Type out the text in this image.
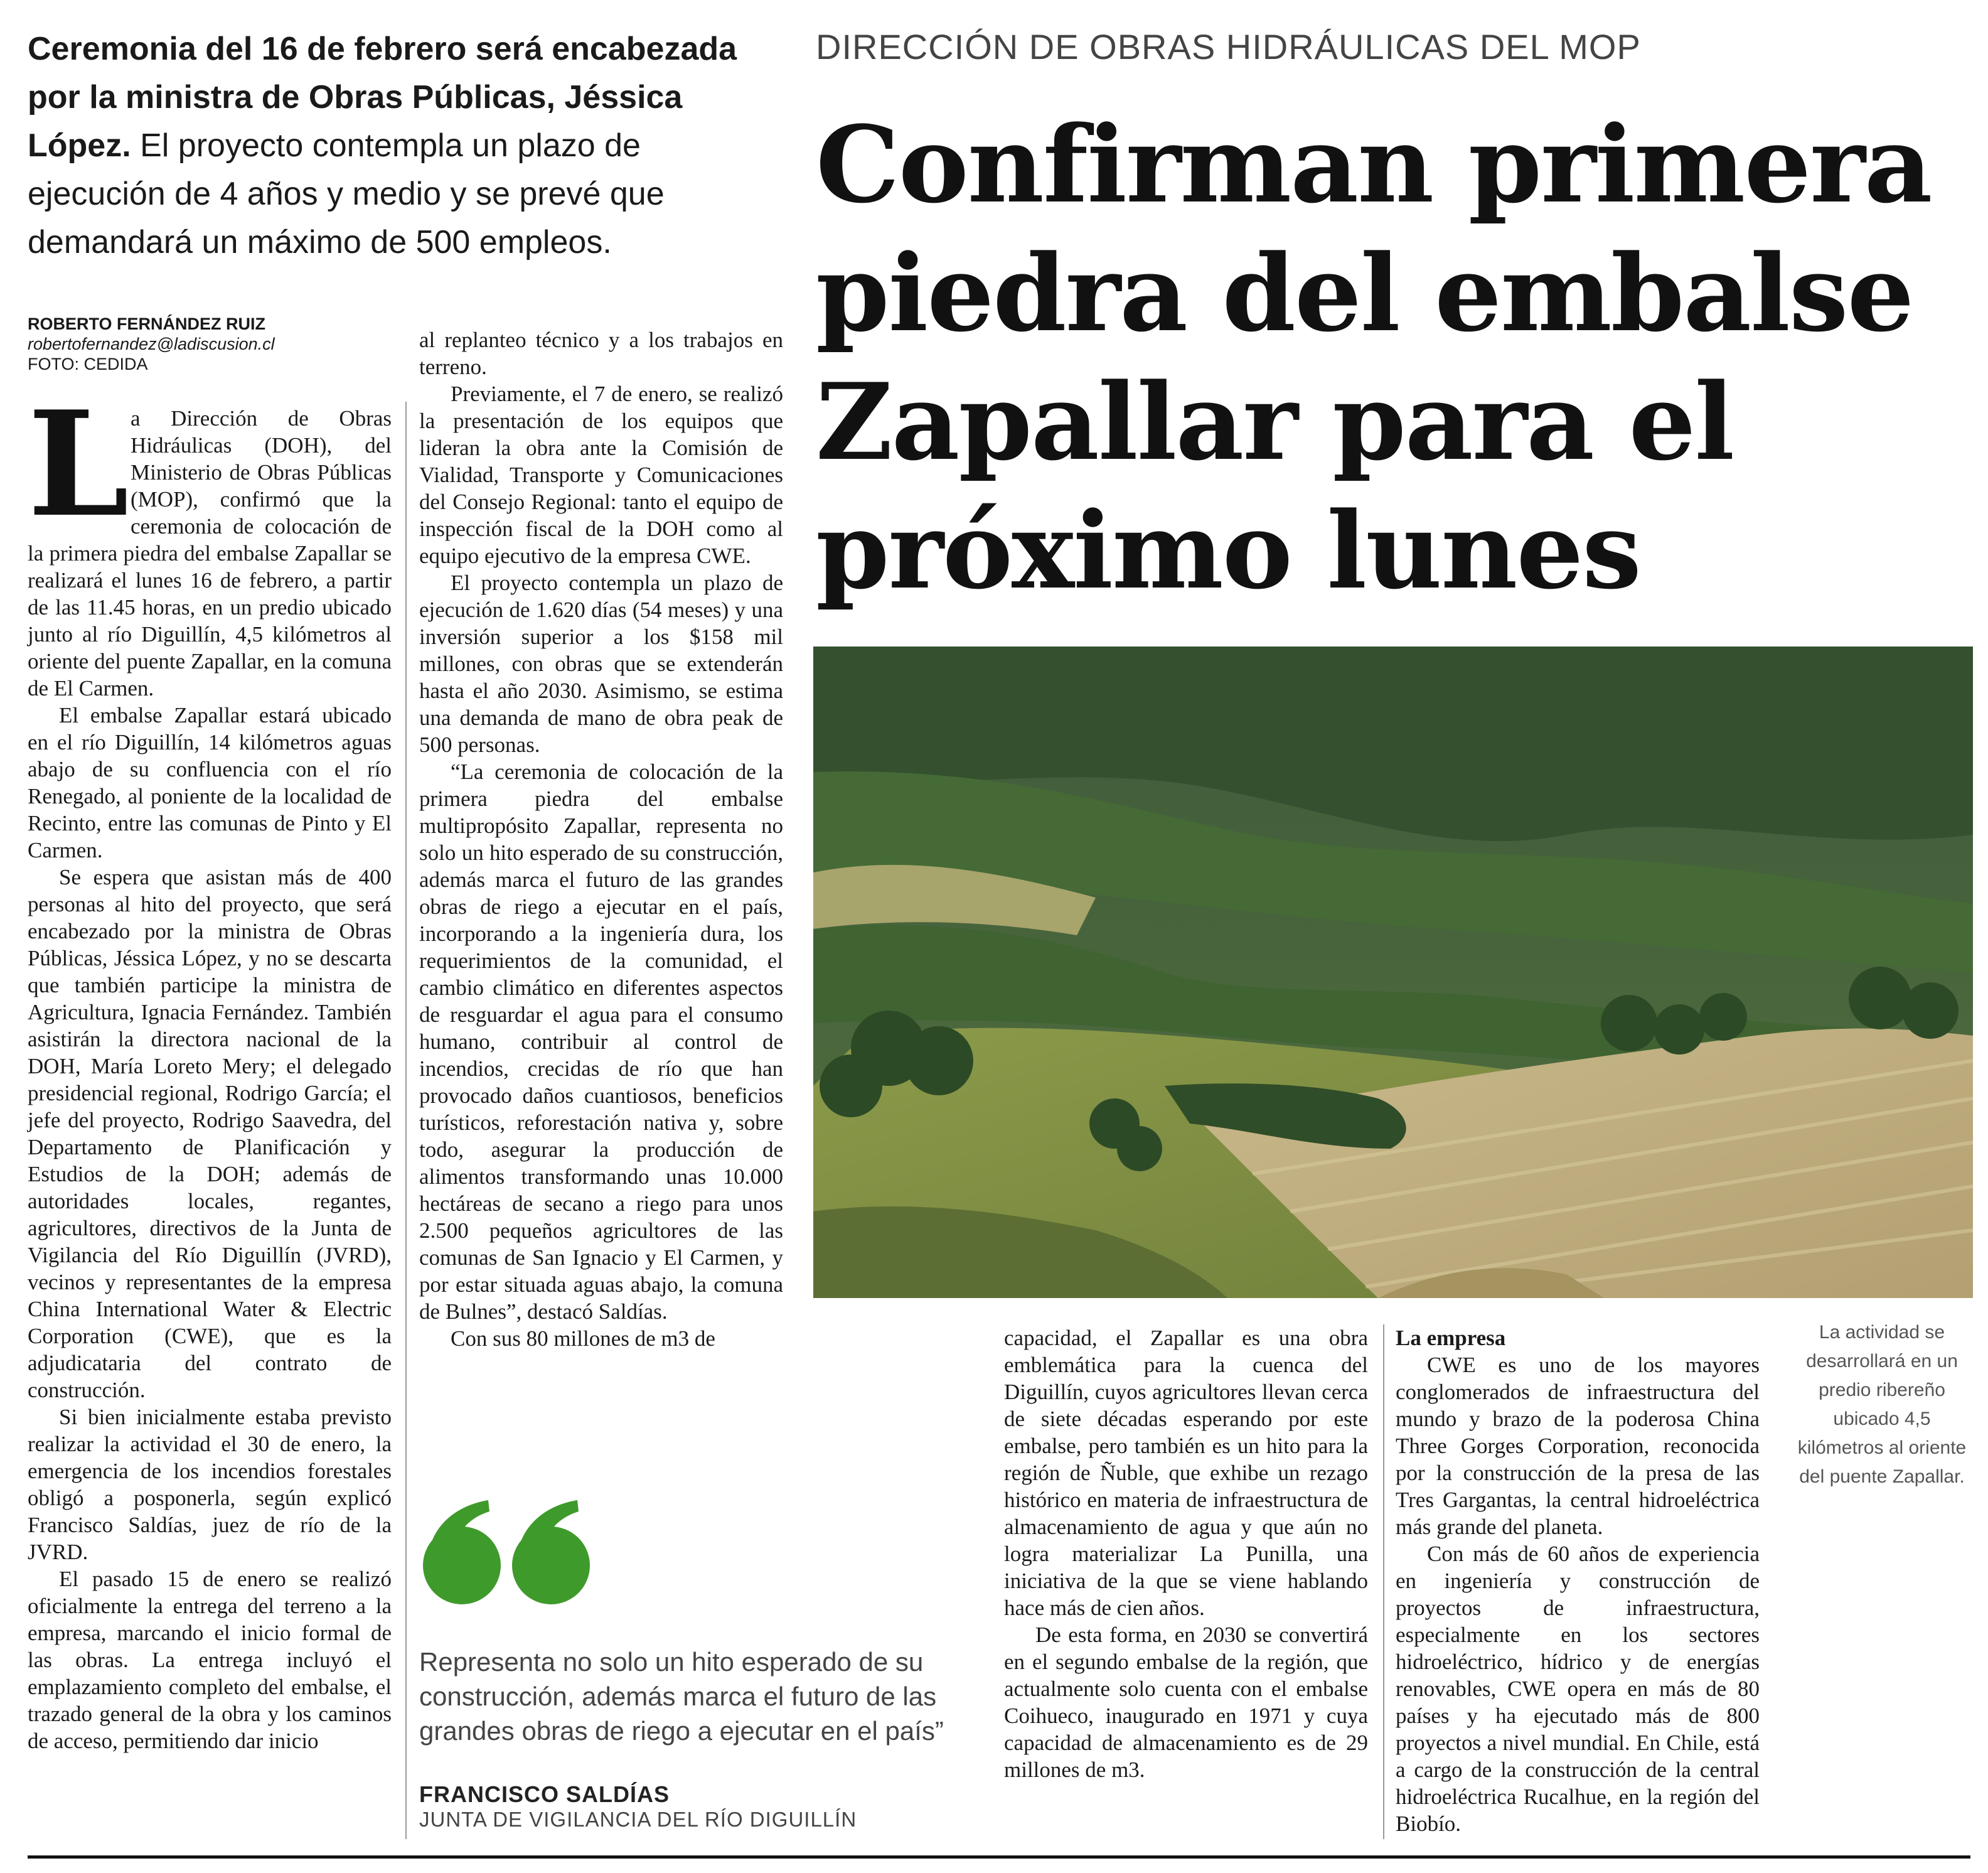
Ceremonia del 16 de febrero será encabezada por la ministra de Obras Públicas, Jéssica López. El proyecto contempla un plazo de ejecución de 4 años y medio y se prevé que demandará un máximo de 500 empleos.
DIRECCIÓN DE OBRAS HIDRÁULICAS DEL MOP
Confirman primera piedra del embalse Zapallar para el próximo lunes
ROBERTO FERNÁNDEZ RUIZ
robertofernandez@ladiscusion.cl
FOTO: CEDIDA
L a Dirección de Obras Hidráulicas (DOH), del Ministerio de Obras Públicas (MOP), confirmó que la ceremonia de colocación de la primera piedra del embalse Zapallar se realizará el lunes 16 de febrero, a partir de las 11.45 horas, en un predio ubicado junto al río Diguillín, 4,5 kilómetros al oriente del puente Zapallar, en la comuna de El Carmen.

El embalse Zapallar estará ubicado en el río Diguillín, 14 kilómetros aguas abajo de su confluencia con el río Renegado, al poniente de la localidad de Recinto, entre las comunas de Pinto y El Carmen.

Se espera que asistan más de 400 personas al hito del proyecto, que será encabezado por la ministra de Obras Públicas, Jéssica López, y no se descarta que también participe la ministra de Agricultura, Ignacia Fernández. También asistirán la directora nacional de la DOH, María Loreto Mery; el delegado presidencial regional, Rodrigo García; el jefe del proyecto, Rodrigo Saavedra, del Departamento de Planificación y Estudios de la DOH; además de autoridades locales, regantes, agricultores, directivos de la Junta de Vigilancia del Río Diguillín (JVRD), vecinos y representantes de la empresa China International Water & Electric Corporation (CWE), que es la adjudicataria del contrato de construcción.

Si bien inicialmente estaba previsto realizar la actividad el 30 de enero, la emergencia de los incendios forestales obligó a posponerla, según explicó Francisco Saldías, juez de río de la JVRD.

El pasado 15 de enero se realizó oficialmente la entrega del terreno a la empresa, marcando el inicio formal de las obras. La entrega incluyó el emplazamiento completo del embalse, el trazado general de la obra y los caminos de acceso, permitiendo dar inicio

al replanteo técnico y a los trabajos en terreno.

Previamente, el 7 de enero, se realizó la presentación de los equipos que lideran la obra ante la Comisión de Vialidad, Transporte y Comunicaciones del Consejo Regional: tanto el equipo de inspección fiscal de la DOH como al equipo ejecutivo de la empresa CWE.

El proyecto contempla un plazo de ejecución de 1.620 días (54 meses) y una inversión superior a los $158 mil millones, con obras que se extenderán hasta el año 2030. Asimismo, se estima una demanda de mano de obra peak de 500 personas.

“La ceremonia de colocación de la primera piedra del embalse multipropósito Zapallar, representa no solo un hito esperado de su construcción, además marca el futuro de las grandes obras de riego a ejecutar en el país, incorporando a la ingeniería dura, los requerimientos de la comunidad, el cambio climático en diferentes aspectos de resguardar el agua para el consumo humano, contribuir al control de incendios, crecidas de río que han provocado daños cuantiosos, beneficios turísticos, reforestación nativa y, sobre todo, asegurar la producción de alimentos transformando unas 10.000 hectáreas de secano a riego para unos 2.500 pequeños agricultores de las comunas de San Ignacio y El Carmen, y por estar situada aguas abajo, la comuna de Bulnes”, destacó Saldías.

Con sus 80 millones de m3 de	La actividad se desarrollará en un predio ribereño ubicado 4,5 kilómetros al oriente del puente Zapallar.
Representa no solo un hito esperado de su construcción, además marca el futuro de las grandes obras de riego a ejecutar en el país”
FRANCISCO SALDÍAS
JUNTA DE VIGILANCIA DEL RÍO DIGUILLÍN

capacidad, el Zapallar es una obra emblemática para la cuenca del Diguillín, cuyos agricultores llevan cerca de siete décadas esperando por este embalse, pero también es un hito para la región de Ñuble, que exhibe un rezago histórico en materia de infraestructura de almacenamiento de agua y que aún no logra materializar La Punilla, una iniciativa de la que se viene hablando hace más de cien años.

De esta forma, en 2030 se convertirá en el segundo embalse de la región, que actualmente solo cuenta con el embalse Coihueco, inaugurado en 1971 y cuya capacidad de almacenamiento es de 29 millones de m3.

La empresa

CWE es uno de los mayores conglomerados de infraestructura del mundo y brazo de la poderosa China Three Gorges Corporation, reconocida por la construcción de la presa de las Tres Gargantas, la central hidroeléctrica más grande del planeta.

Con más de 60 años de experiencia en ingeniería y construcción de proyectos de infraestructura, especialmente en los sectores hidroeléctrico, hídrico y de energías renovables, CWE opera en más de 80 países y ha ejecutado más de 800 proyectos a nivel mundial. En Chile, está a cargo de la construcción de la central hidroeléctrica Rucalhue, en la región del Biobío.
